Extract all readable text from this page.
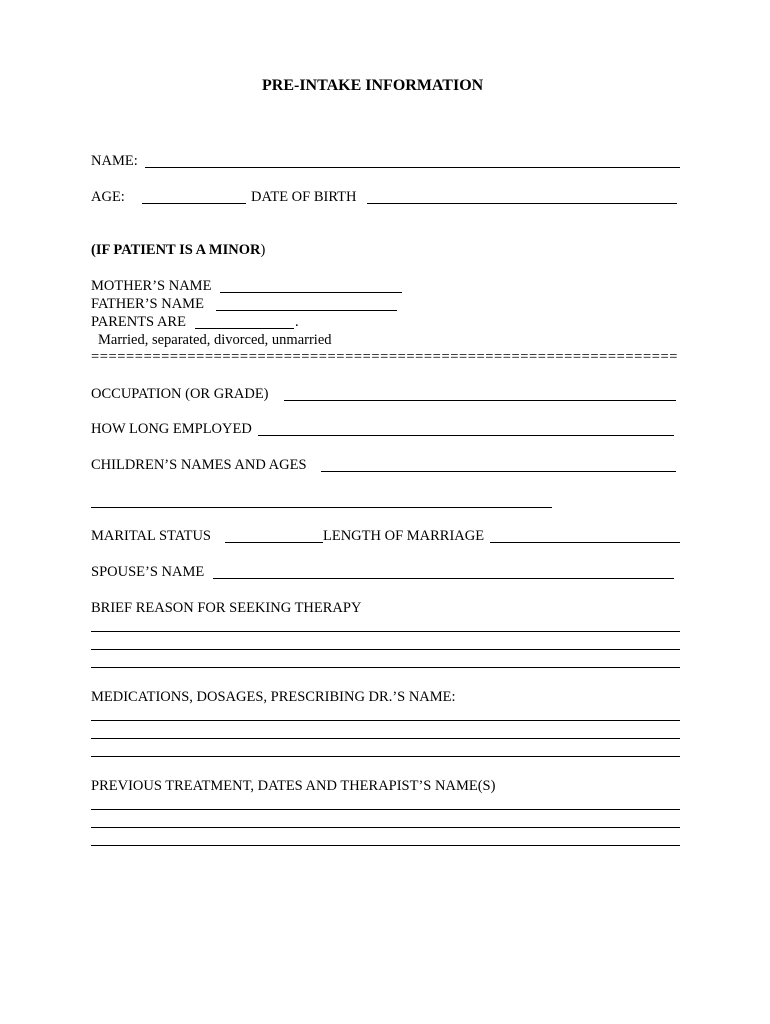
PRE-INTAKE INFORMATION
NAME:
AGE:	DATE OF BIRTH
(IF PATIENT IS A MINOR)
MOTHER’S NAME
FATHER’S NAME
PARENTS ARE	.
Married, separated, divorced, unmarried
===================================================================
OCCUPATION (OR GRADE)
HOW LONG EMPLOYED
CHILDREN’S NAMES AND AGES
MARITAL STATUS	LENGTH OF MARRIAGE
SPOUSE’S NAME
BRIEF REASON FOR SEEKING THERAPY
MEDICATIONS, DOSAGES, PRESCRIBING DR.’S NAME:
PREVIOUS TREATMENT, DATES AND THERAPIST’S NAME(S)
